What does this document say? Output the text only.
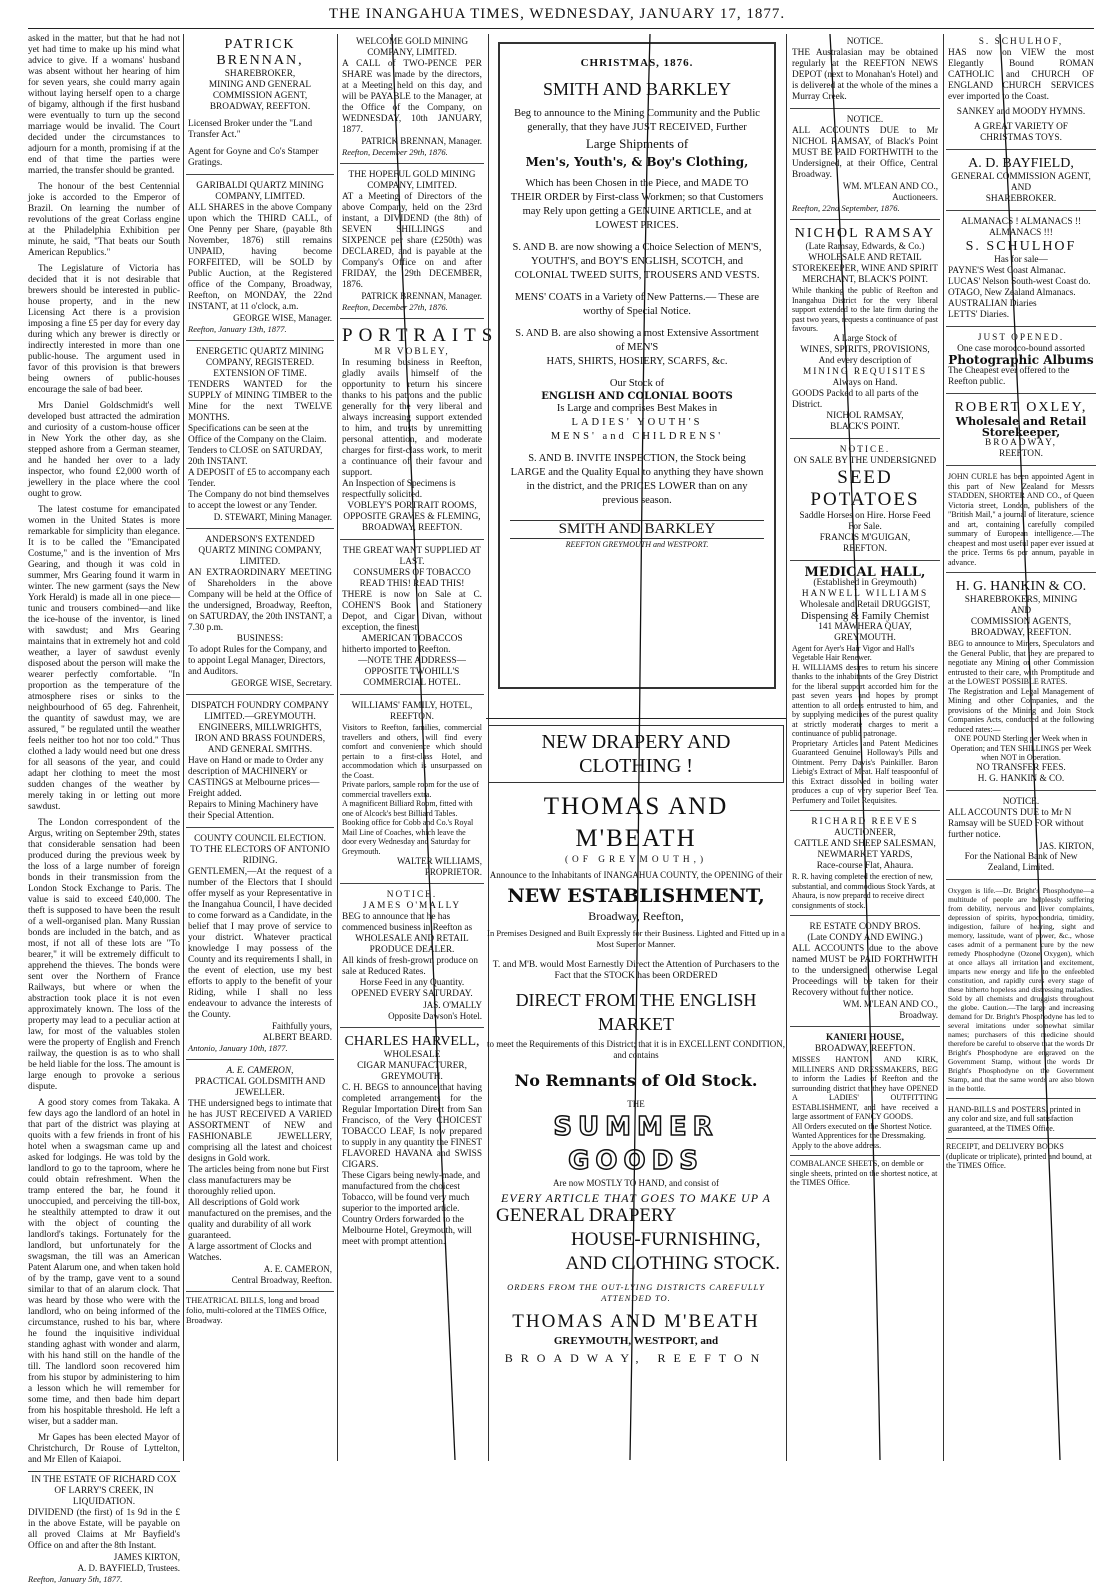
THE INANGAHUA TIMES, WEDNESDAY, JANUARY 17, 1877.

asked in the matter, but that he had not yet had time to make up his mind what advice to give. If a womans' husband was absent without her hearing of him for seven years, she could marry again without laying herself open to a charge of bigamy, although if the first husband were eventually to turn up the second marriage would be invalid. The Court decided under the circumstances to adjourn for a month, promising if at the end of that time the parties were married, the transfer should be granted.

The honour of the best Centennial joke is accorded to the Emperor of Brazil. On learning the number of revolutions of the great Corlass engine at the Philadelphia Exhibition per minute, he said, "That beats our South American Republics."

The Legislature of Victoria has decided that it is not desirable that brewers should be interested in public-house property, and in the new Licensing Act there is a provision imposing a fine £5 per day for every day during which any brewer is directly or indirectly interested in more than one public-house. The argument used in favor of this provision is that brewers being owners of public-houses encourage the sale of bad beer.

Mrs Daniel Goldschmidt's well developed bust attracted the admiration and curiosity of a custom-house officer in New York the other day, as she stepped ashore from a German steamer, and he handed her over to a lady inspector, who found £2,000 worth of jewellery in the place where the cool ought to grow.

The latest costume for emancipated women in the United States is more remarkable for simplicity than elegance. It is to be called the "Emancipated Costume," and is the invention of Mrs Gearing, and though it was cold in summer, Mrs Gearing found it warm in winter. The new garment (says the New York Herald) is made all in one piece—tunic and trousers combined—and like the ice-house of the inventor, is lined with sawdust; and Mrs Gearing maintains that in extremely hot and cold weather, a layer of sawdust evenly disposed about the person will make the wearer perfectly comfortable. "In proportion as the temperature of the atmosphere rises or sinks to the neighbourhood of 65 deg. Fahrenheit, the quantity of sawdust may, we are assured, " be regulated until the weather feels neither too hot nor too cold." Thus clothed a lady would need but one dress for all seasons of the year, and could adapt her clothing to meet the most sudden changes of the weather by merely taking in or letting out more sawdust.

The London correspondent of the Argus, writing on September 29th, states that considerable sensation had been produced during the previous week by the loss of a large number of foreign bonds in their transmission from the London Stock Exchange to Paris. The value is said to exceed £40,000. The theft is supposed to have been the result of a well-organised plan. Many Russian bonds are included in the batch, and as most, if not all of these lots are "To bearer," it will be extremely difficult to apprehend the thieves. The bonds were sent over the Northern of France Railways, but where or when the abstraction took place it is not even approximately known. The loss of the property may lead to a peculiar action at law, for most of the valuables stolen were the property of English and French railway, the question is as to who shall be held liable for the loss. The amount is large enough to provoke a serious dispute.

A good story comes from Takaka. A few days ago the landlord of an hotel in that part of the district was playing at quoits with a few friends in front of his hotel when a swagsman came up and asked for lodgings. He was told by the landlord to go to the taproom, where he could obtain refreshment. When the tramp entered the bar, he found it unoccupied, and perceiving the till-box, he stealthily attempted to draw it out with the object of counting the landlord's takings. Fortunately for the landlord, but unfortunately for the swagsman, the till was an American Patent Alarum one, and when taken hold of by the tramp, gave vent to a sound similar to that of an alarum clock. That was heard by those who were with the landlord, who on being informed of the circumstance, rushed to his bar, where he found the inquisitive individual standing aghast with wonder and alarm, with his hand still on the handle of the till. The landlord soon recovered him from his stupor by administering to him a lesson which he will remember for some time, and then bade him depart from his hospitable threshold. He left a wiser, but a sadder man.

Mr Gapes has been elected Mayor of Christchurch, Dr Rouse of Lyttelton, and Mr Ellen of Kaiapoi.

IN THE ESTATE OF RICHARD COX OF LARRY'S CREEK, IN LIQUIDATION.
DIVIDEND (the first) of 1s 9d in the £ in the above Estate, will be payable on all proved Claims at Mr Bayfield's Office on and after the 8th Instant.
JAMES KIRTON,
A. D. BAYFIELD, Trustees.
Reefton, January 5th, 1877.
PATRICK BRENNAN,
SHAREBROKER,
MINING AND GENERAL COMMISSION AGENT,
BROADWAY, REEFTON.
Licensed Broker under the "Land Transfer Act."
Agent for Goyne and Co's Stamper Gratings.
GARIBALDI QUARTZ MINING COMPANY, LIMITED.
ALL SHARES in the above Company upon which the THIRD CALL, of One Penny per Share, (payable 8th November, 1876) still remains UNPAID, having become FORFEITED, will be SOLD by Public Auction, at the Registered office of the Company, Broadway, Reefton, on MONDAY, the 22nd INSTANT, at 11 o'clock, a.m.
GEORGE WISE, Manager.
Reefton, January 13th, 1877.
ENERGETIC QUARTZ MINING COMPANY, REGISTERED.
EXTENSION OF TIME.
TENDERS WANTED for the SUPPLY of MINING TIMBER to the Mine for the next TWELVE MONTHS.
Specifications can be seen at the Office of the Company on the Claim.
Tenders to CLOSE on SATURDAY, 20th INSTANT.
A DEPOSIT of £5 to accompany each Tender.
The Company do not bind themselves to accept the lowest or any Tender.
D. STEWART, Mining Manager.
ANDERSON'S EXTENDED QUARTZ MINING COMPANY, LIMITED.
AN EXTRAORDINARY MEETING of Shareholders in the above Company will be held at the Office of the undersigned, Broadway, Reefton, on SATURDAY, the 20th INSTANT, a 7.30 p.m.
BUSINESS:
To adopt Rules for the Company, and to appoint Legal Manager, Directors, and Auditors.
GEORGE WISE, Secretary.
DISPATCH FOUNDRY COMPANY LIMITED.—GREYMOUTH.
ENGINEERS, MILLWRIGHTS, IRON AND BRASS FOUNDERS, AND GENERAL SMITHS.
Have on Hand or made to Order any description of MACHINERY or CASTINGS at Melbourne prices—Freight added.
Repairs to Mining Machinery have their Special Attention.
COUNTY COUNCIL ELECTION.
TO THE ELECTORS OF ANTONIO RIDING.
GENTLEMEN,—At the request of a number of the Electors that I should offer myself as your Representative in the Inangahua Council, I have decided to come forward as a Candidate, in the belief that I may prove of service to your district. Whatever practical knowledge I may possess of the County and its requirements I shall, in the event of election, use my best efforts to apply to the benefit of your Riding, while I shall no less endeavour to advance the interests of the County.
Faithfully yours,
ALBERT BEARD.
Antonio, January 10th, 1877.
A. E. CAMERON,
PRACTICAL GOLDSMITH AND JEWELLER.
THE undersigned begs to intimate that he has JUST RECEIVED A VARIED ASSORTMENT of NEW and FASHIONABLE JEWELLERY, comprising all the latest and choicest designs in Gold work.
The articles being from none but First class manufacturers may be thoroughly relied upon.
All descriptions of Gold work manufactured on the premises, and the quality and durability of all work guaranteed.
A large assortment of Clocks and Watches.
A. E. CAMERON,
Central Broadway, Reefton.
THEATRICAL BILLS, long and broad folio, multi-colored at the TIMES Office, Broadway.
WELCOME GOLD MINING COMPANY, LIMITED.
A CALL of TWO-PENCE PER SHARE was made by the directors, at a Meeting held on this day, and will be PAYABLE to the Manager, at the Office of the Company, on WEDNESDAY, 10th JANUARY, 1877.
PATRICK BRENNAN, Manager.
Reefton, December 29th, 1876.
THE HOPEFUL GOLD MINING COMPANY, LIMITED.
AT a Meeting of Directors of the above Company, held on the 23rd instant, a DIVIDEND (the 8th) of SEVEN SHILLINGS and SIXPENCE per share (£250th) was DECLARED, and is payable at the Company's Office on and after FRIDAY, the 29th DECEMBER, 1876.
PATRICK BRENNAN, Manager.
Reefton, December 27th, 1876.
PORTRAITS
MR VOBLEY,
In resuming business in Reefton, gladly avails himself of the opportunity to return his sincere thanks to his patrons and the public generally for the very liberal and always increasing support extended to him, and trusts by unremitting personal attention, and moderate charges for first-class work, to merit a continuance of their favour and support.
An Inspection of Specimens is respectfully solicited.
VOBLEY'S PORTRAIT ROOMS,
OPPOSITE GRAVES & FLEMING, BROADWAY, REEFTON.
THE GREAT WANT SUPPLIED AT LAST.
CONSUMERS OF TOBACCO
READ THIS! READ THIS!
THERE is now on Sale at C. COHEN'S Book and Stationery Depot, and Cigar Divan, without exception, the finest
AMERICAN TOBACCOS
hitherto imported to Reefton.
—NOTE THE ADDRESS— OPPOSITE TWOHILL'S COMMERCIAL HOTEL.
WILLIAMS' FAMILY, HOTEL,
REEFTON.
Visitors to Reefton, families, commercial travellers and others, will find every comfort and convenience which should pertain to a first-class Hotel, and accommodation which is unsurpassed on the Coast.
Private parlors, sample room for the use of commercial travellers extra.
A magnificent Billiard Room, fitted with one of Alcock's best Billiard Tables.
Booking office for Cobb and Co.'s Royal Mail Line of Coaches, which leave the door every Wednesday and Saturday for Greymouth.
WALTER WILLIAMS, PROPRIETOR.
NOTICE.
JAMES O'MALLY
BEG to announce that he has commenced business in Reefton as
WHOLESALE AND RETAIL PRODUCE DEALER.
All kinds of fresh-grown produce on sale at Reduced Rates.
Horse Feed in any Quantity.
OPENED EVERY SATURDAY.
JAS. O'MALLY
Opposite Dawson's Hotel.
CHARLES HARVELL,
WHOLESALE
CIGAR MANUFACTURER,
GREYMOUTH.
C. H. BEGS to announce that having completed arrangements for the Regular Importation Direct from San Francisco, of the Very CHOICEST TOBACCO LEAF, Is now prepared to supply in any quantity the FINEST FLAVORED HAVANA and SWISS CIGARS.
These Cigars being newly-made, and manufactured from the choicest Tobacco, will be found very much superior to the imported article.
Country Orders forwarded to the Melbourne Hotel, Greymouth, will meet with prompt attention.
CHRISTMAS, 1876.
SMITH AND BARKLEY
Beg to announce to the Mining Community and the Public generally, that they have JUST RECEIVED, Further
Large Shipments of
Men's, Youth's, & Boy's Clothing,
Which has been Chosen in the Piece, and MADE TO THEIR ORDER by First-class Workmen; so that Customers may Rely upon getting a GENUINE ARTICLE, and at LOWEST PRICES.
S. AND B. are now showing a Choice Selection of MEN'S, YOUTH'S, and BOY'S ENGLISH, SCOTCH, and COLONIAL TWEED SUITS, TROUSERS AND VESTS.
MENS' COATS in a Variety of New Patterns.— These are worthy of Special Notice.
S. AND B. are also showing a most Extensive Assortment of MEN'S
HATS, SHIRTS, HOSIERY, SCARFS, &c.
Our Stock of
ENGLISH AND COLONIAL BOOTS
Is Large and comprises Best Makes in
LADIES' YOUTH'S
MENS' and CHILDRENS'
S. AND B. INVITE INSPECTION, the Stock being LARGE and the Quality Equal to anything they have shown in the district, and the PRICES LOWER than on any previous season.
SMITH AND BARKLEY
REEFTON GREYMOUTH and WESTPORT.
NEW DRAPERY AND CLOTHING !
THOMAS AND M'BEATH
(OF GREYMOUTH,)
Announce to the Inhabitants of INANGAHUA COUNTY, the OPENING of their
NEW ESTABLISHMENT,
Broadway, Reefton,
In Premises Designed and Built Expressly for their Business. Lighted and Fitted up in a Most Superior Manner.
T. and M'B. would Most Earnestly Direct the Attention of Purchasers to the Fact that the STOCK has been ORDERED
DIRECT FROM THE ENGLISH MARKET
to meet the Requirements of this District; that it is in EXCELLENT CONDITION, and contains
No Remnants of Old Stock.
THE
SUMMER GOODS
Are now MOSTLY TO HAND, and consist of
EVERY ARTICLE THAT GOES TO MAKE UP A
GENERAL DRAPERY
HOUSE-FURNISHING,
AND CLOTHING STOCK.
ORDERS FROM THE OUT-LYING DISTRICTS CAREFULLY ATTENDED TO.
THOMAS AND M'BEATH
GREYMOUTH, WESTPORT, and
BROADWAY, REEFTON
NOTICE.
THE Australasian may be obtained regularly at the REEFTON NEWS DEPOT (next to Monahan's Hotel) and is delivered at the whole of the mines a Murray Creek.
NOTICE.
ALL ACCOUNTS DUE to Mr NICHOL RAMSAY, of Black's Point MUST BE PAID FORTHWITH to the Undersigned, at their Office, Central Broadway.
WM. M'LEAN AND CO.,
Auctioneers.
Reefton, 22nd September, 1876.
NICHOL RAMSAY
(Late Ramsay, Edwards, & Co.)
WHOLESALE AND RETAIL STOREKEEPER, WINE AND SPIRIT MERCHANT, BLACK'S POINT.
While thanking the public of Reefton and Inangahua District for the very liberal support extended to the late firm during the past two years, requests a continuance of past favours.
A Large Stock of
WINES, SPIRITS, PROVISIONS,
And every description of
MINING REQUISITES
Always on Hand.
GOODS Packed to all parts of the District.
NICHOL RAMSAY,
BLACK'S POINT.
NOTICE.
ON SALE BY THE UNDERSIGNED
SEED POTATOES
Saddle Horses on Hire. Horse Feed For Sale.
FRANCIS M'GUIGAN,
REEFTON.
MEDICAL HALL,
(Established in Greymouth)
HANWELL WILLIAMS
Wholesale and Retail DRUGGIST,
Dispensing & Family Chemist
141 MAWHERA QUAY, GREYMOUTH.
Agent for Ayer's Hair Vigor and Hall's Vegetable Hair Renewer.
H. WILLIAMS desires to return his sincere thanks to the inhabitants of the Grey District for the liberal support accorded him for the past seven years and hopes by prompt attention to all orders entrusted to him, and by supplying medicines of the purest quality at strictly moderate charges to merit a continuance of public patronage.
Proprietary Articles and Patent Medicines Guaranteed Genuine. Holloway's Pills and Ointment. Perry Davis's Painkiller. Baron Liebig's Extract of Meat. Half teaspoonful of this Extract dissolved in boiling water produces a cup of very superior Beef Tea. Perfumery and Toilet Requisites.
RICHARD REEVES
AUCTIONEER,
CATTLE AND SHEEP SALESMAN,
NEWMARKET YARDS,
Race-course Flat, Ahaura.
R. R. having completed the erection of new, substantial, and commodious Stock Yards, at Ahaura, is now prepared to receive direct consignments of stock.
RE ESTATE CONDY BROS.
(Late CONDY AND EWING.)
ALL ACCOUNTS due to the above named MUST be PAID FORTHWITH to the undersigned, otherwise Legal Proceedings will be taken for their Recovery without further notice.
WM. M'LEAN AND CO.,
Broadway.
KANIERI HOUSE,
BROADWAY, REEFTON.
MISSES HANTON AND KIRK, MILLINERS AND DRESSMAKERS, BEG to inform the Ladies of Reefton and the surrounding district that they have OPENED A LADIES' OUTFITTING ESTABLISHMENT, and have received a large assortment of FANCY GOODS.
All Orders executed on the Shortest Notice.
Wanted Apprentices for the Dressmaking. Apply to the above address.
COMBALANCE SHEETS, on demble or single sheets, printed on the shortest notice, at the TIMES Office.
S. SCHULHOF,
HAS now on VIEW the most Elegantly Bound ROMAN CATHOLIC and CHURCH OF ENGLAND CHURCH SERVICES ever imported to the Coast.
SANKEY and MOODY HYMNS.
A GREAT VARIETY OF CHRISTMAS TOYS.
A. D. BAYFIELD,
GENERAL COMMISSION AGENT, AND
SHAREBROKER.
ALMANACS ! ALMANACS !!
ALMANACS !!!
S. SCHULHOF
Has for sale—
PAYNE'S West Coast Almanac.
LUCAS' Nelson South-west Coast do.
OTAGO, New Zealand Almanacs.
AUSTRALIAN Diaries
LETTS' Diaries.
JUST OPENED.
One case morocco-bound assorted
Photographic Albums
The Cheapest ever offered to the Reefton public.
ROBERT OXLEY,
Wholesale and Retail
Storekeeper,
BROADWAY,
REEFTON.
JOHN CURLE has been appointed Agent in this part of New Zealand for Messrs STADDEN, SHORTER AND CO., of Queen Victoria street, London, publishers of the "British Mail," a journal of literature, science and art, containing carefully compiled summary of European intelligence.—The cheapest and most useful paper ever issued at the price. Terms 6s per annum, payable in advance.
H. G. HANKIN & CO.
SHAREBROKERS, MINING
AND
COMMISSION AGENTS,
BROADWAY, REEFTON.
BEG to announce to Miners, Speculators and the General Public, that they are prepared to negotiate any Mining or other Commission entrusted to their care, with Promptitude and at the LOWEST POSSIBLE RATES.
The Registration and Legal Management of Mining and other Companies, and the provisions of the Mining and Join Stock Companies Acts, conducted at the following reduced rates:—
ONE POUND Sterling per Week when in Operation; and TEN SHILLINGS per Week when NOT in Operation.
NO TRANSFER FEES.
H. G. HANKIN & CO.
NOTICE.
ALL ACCOUNTS DUE to Mr N Ramsay will be SUED FOR without further notice.
JAS. KIRTON,
For the National Bank of New Zealand, Limited.
Oxygen is life.—Dr. Bright's Phosphodyne—a multitude of people are helplessly suffering from debility, nervous and liver complaints, depression of spirits, hypochondria, timidity, indigestion, failure of hearing, sight and memory, lassitude, want of power, &c., whose cases admit of a permanent cure by the new remedy Phosphodyne (Ozone Oxygen), which at once allays all irritation and excitement, imparts new energy and life to the enfeebled constitution, and rapidly cures every stage of these hitherto hopeless and distressing maladies. Sold by all chemists and druggists throughout the globe. Caution.—The large and increasing demand for Dr. Bright's Phosphodyne has led to several imitations under somewhat similar names; purchasers of this medicine should therefore be careful to observe that the words Dr Bright's Phosphodyne are engraved on the Government Stamp, without the words Dr Bright's Phosphodyne on the Government Stamp, and that the same words are also blown in the bottle.
HAND-BILLS and POSTERS, printed in any color and size, and full satisfaction guaranteed, at the TIMES Office.
RECEIPT, and DELIVERY BOOKS (duplicate or triplicate), printed and bound, at the TIMES Office.
